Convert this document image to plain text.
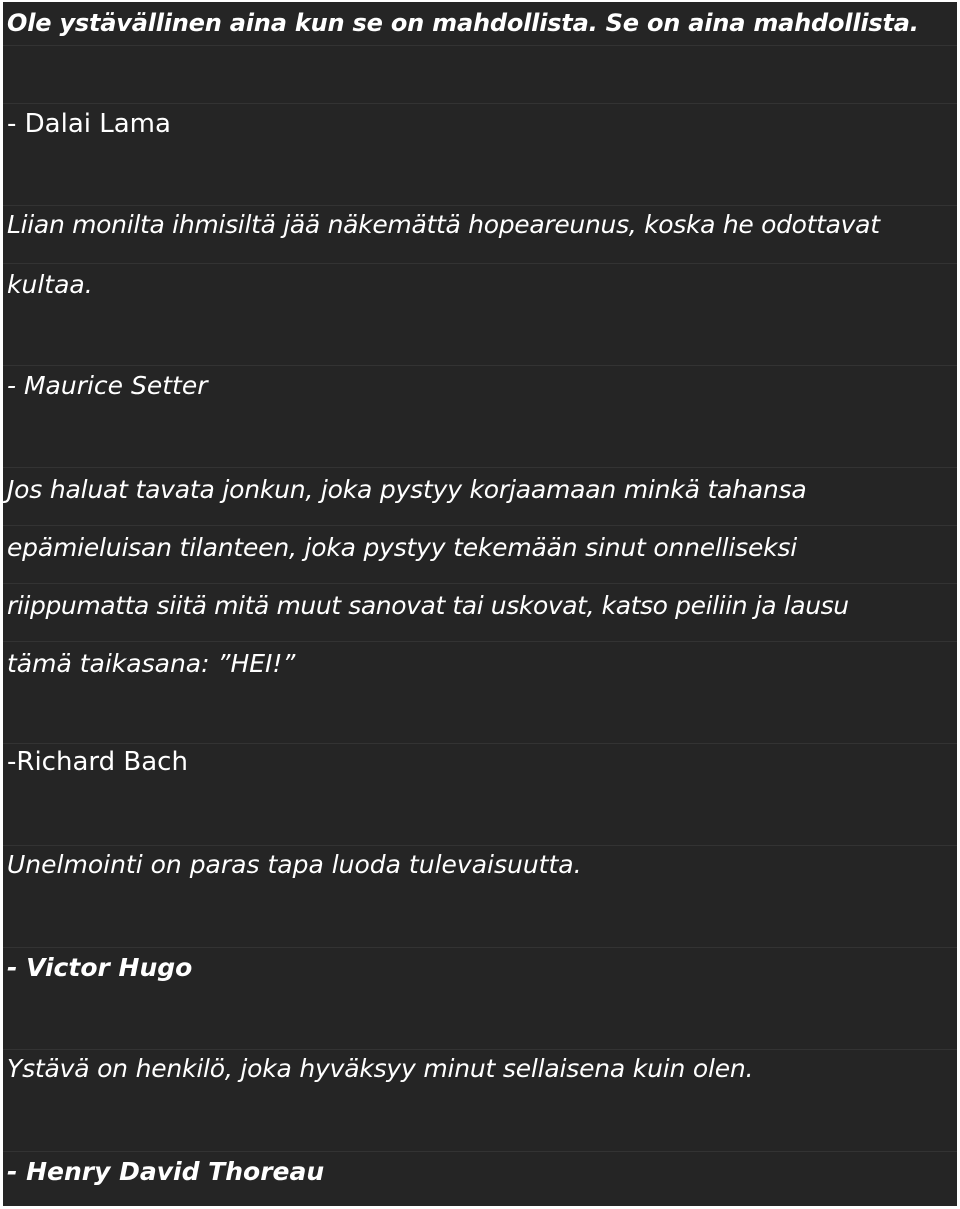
Ole ystävällinen aina kun se on mahdollista. Se on aina mahdollista.
- Dalai Lama
Liian monilta ihmisiltä jää näkemättä hopeareunus, koska he odottavat
kultaa.
- Maurice Setter
Jos haluat tavata jonkun, joka pystyy korjaamaan minkä tahansa
epämieluisan tilanteen, joka pystyy tekemään sinut onnelliseksi
riippumatta siitä mitä muut sanovat tai uskovat, katso peiliin ja lausu
tämä taikasana: ”HEI!”
-Richard Bach
Unelmointi on paras tapa luoda tulevaisuutta.
- Victor Hugo
Ystävä on henkilö, joka hyväksyy minut sellaisena kuin olen.
- Henry David Thoreau
